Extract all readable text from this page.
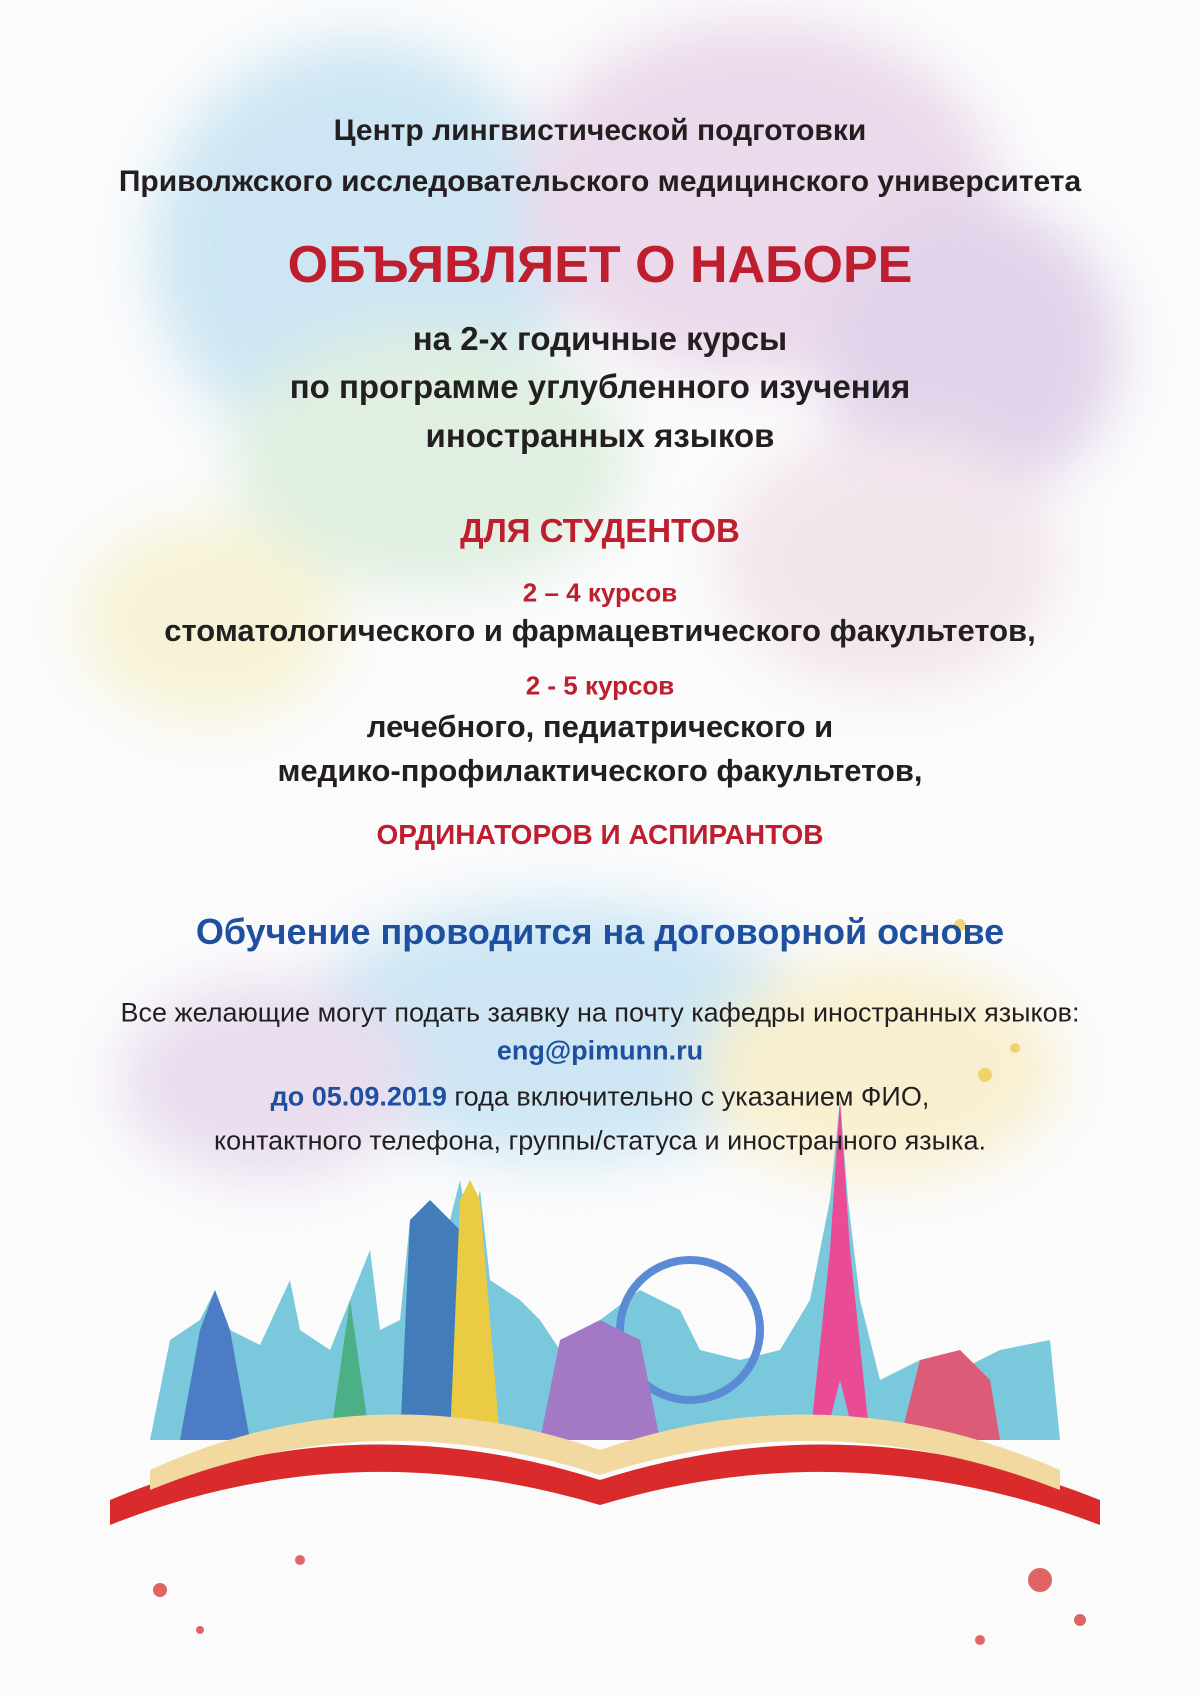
Центр лингвистической подготовки
Приволжского исследовательского медицинского университета
ОБЪЯВЛЯЕТ О НАБОРЕ
на 2-х годичные курсы
по программе углубленного изучения
иностранных языков
ДЛЯ СТУДЕНТОВ
2 – 4 курсов
стоматологического и фармацевтического факультетов,
2 - 5 курсов
лечебного, педиатрического и
медико-профилактического факультетов,
ОРДИНАТОРОВ И АСПИРАНТОВ
Обучение проводится на договорной основе
Все желающие могут подать заявку на почту кафедры иностранных языков:
eng@pimunn.ru
до 05.09.2019 года включительно с указанием ФИО,
контактного телефона, группы/статуса и иностранного языка.
